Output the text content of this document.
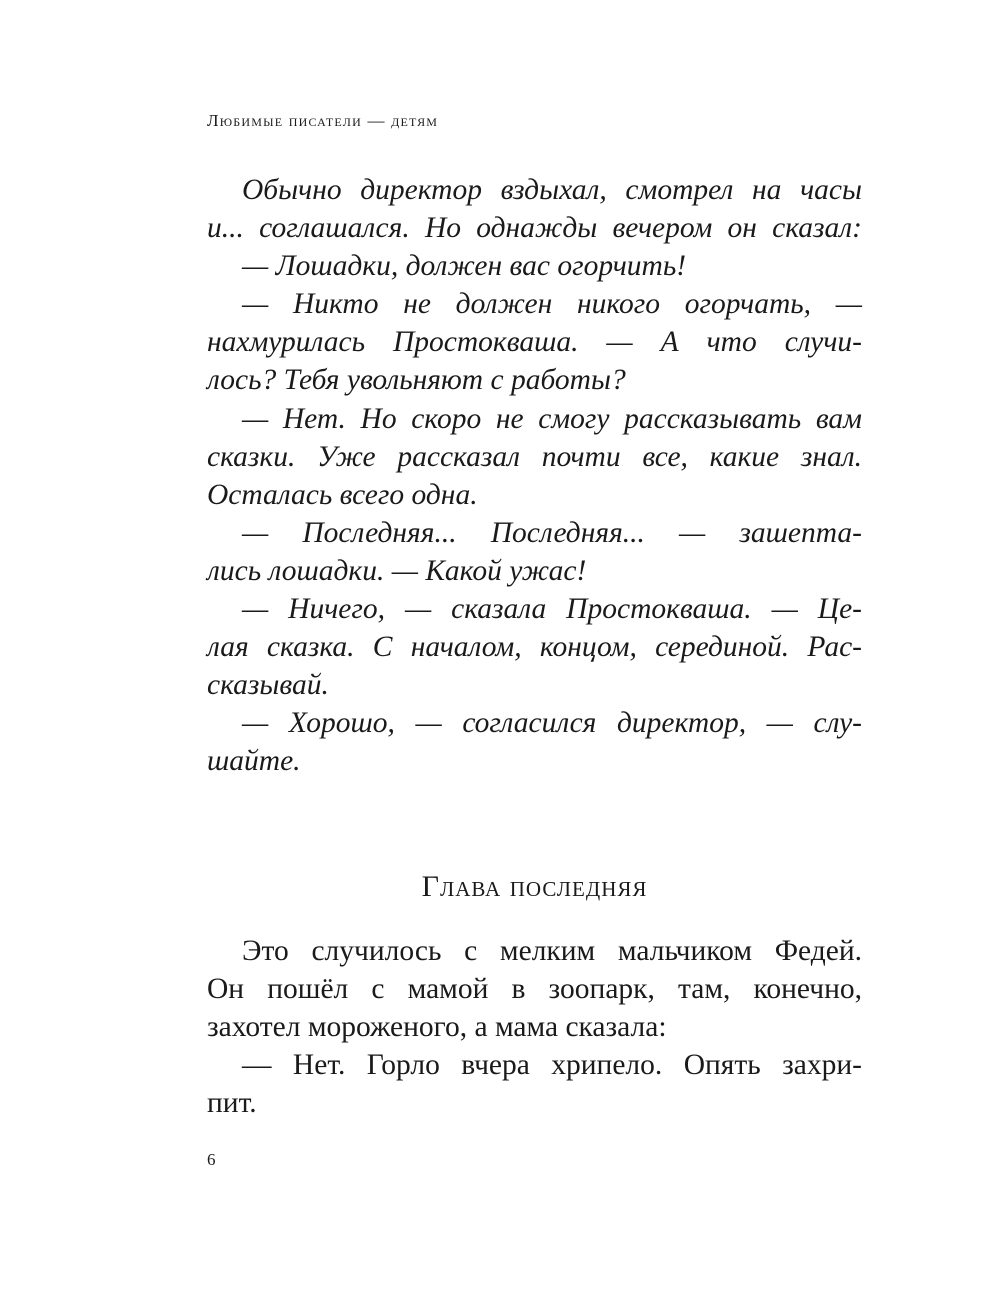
Любимые писатели — детям
Обычно директор вздыхал, смотрел на часы
и... соглашался. Но однажды вечером он сказал:
— Лошадки, должен вас огорчить!
— Никто не должен никого огорчать, —
нахмурилась Простокваша. — А что случи-
лось? Тебя увольняют с работы?
— Нет. Но скоро не смогу рассказывать вам
сказки. Уже рассказал почти все, какие знал.
Осталась всего одна.
— Последняя... Последняя... — зашепта-
лись лошадки. — Какой ужас!
— Ничего, — сказала Простокваша. — Це-
лая сказка. С началом, концом, серединой. Рас-
сказывай.
— Хорошо, — согласился директор, — слу-
шайте.
Глава последняя
Это случилось с мелким мальчиком Федей.
Он пошёл с мамой в зоопарк, там, конечно,
захотел мороженого, а мама сказала:
— Нет. Горло вчера хрипело. Опять захри-
пит.
6
